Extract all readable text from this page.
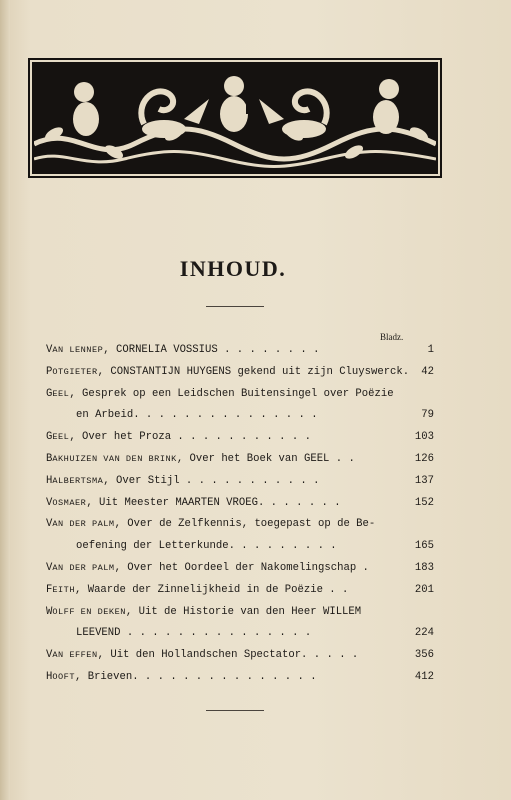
INHOUD.
Bladz.
VAN LENNEP, CORNELIA VOSSIUS . . . . . . . .	1
POTGIETER, CONSTANTIJN HUYGENS gekend uit zijn Cluyswerck. 42
GEEL, Gesprek op een Leidschen Buitensingel over Poëzie
en Arbeid. . . . . . . . . . . . . . .	79
GEEL, Over het Proza . . . . . . . . . . .	103
BAKHUIZEN VAN DEN BRINK, Over het Boek van GEEL . .	126
HALBERTSMA, Over Stijl . . . . . . . . . . .	137
VOSMAER, Uit Meester MAARTEN VROEG. . . . . . .	152
VAN DER PALM, Over de Zelfkennis, toegepast op de Be-
oefening der Letterkunde. . . . . . . . .	165
VAN DER PALM, Over het Oordeel der Nakomelingschap .	183
FEITH, Waarde der Zinnelijkheid in de Poëzie . .	201
WOLFF EN DEKEN, Uit de Historie van den Heer WILLEM
LEEVEND . . . . . . . . . . . . . . .	224
VAN EFFEN, Uit den Hollandschen Spectator. . . . .	356
HOOFT, Brieven. . . . . . . . . . . . . . .	412
